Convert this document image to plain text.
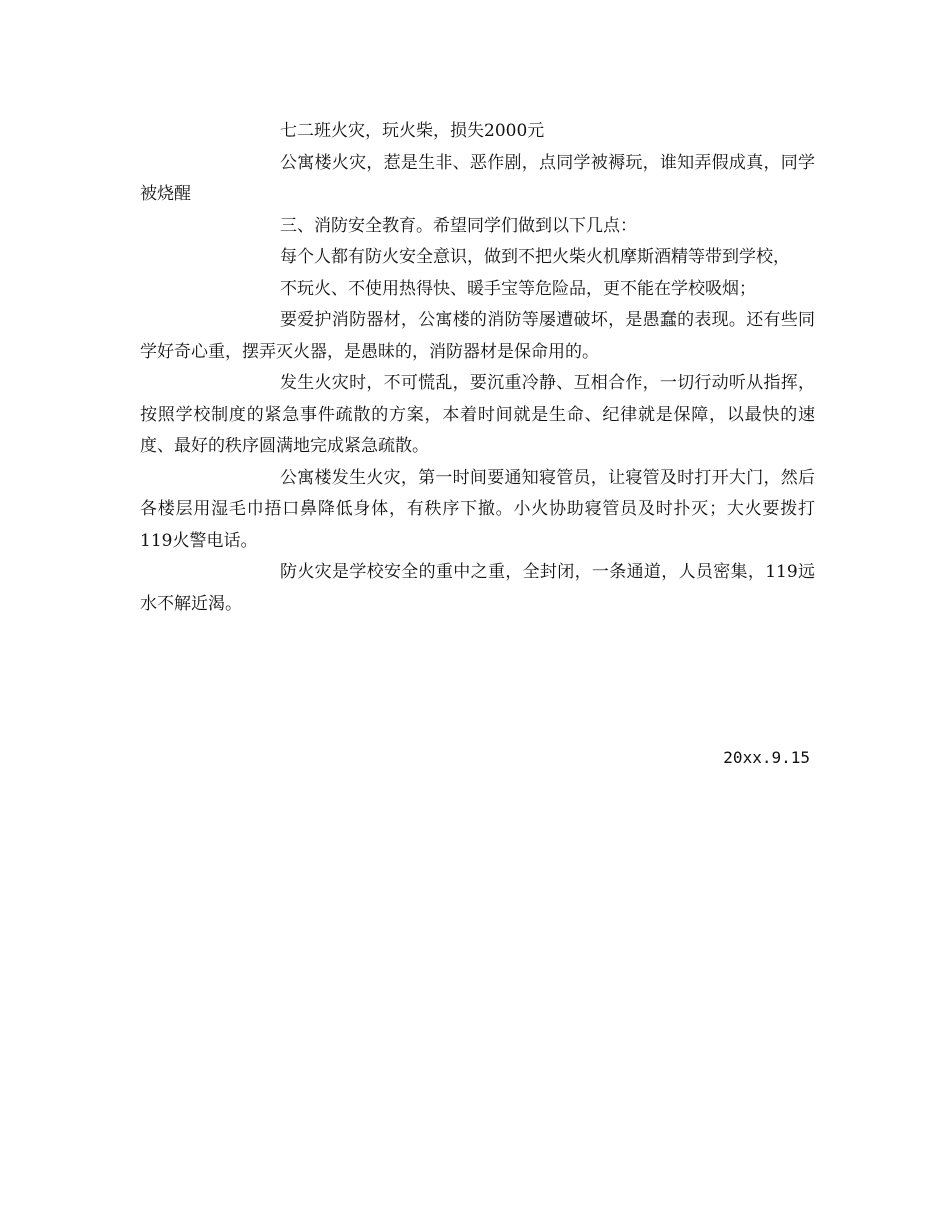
七二班火灾，玩火柴，损失2000元

公寓楼火灾，惹是生非、恶作剧，点同学被褥玩，谁知弄假成真，同学被烧醒

三、消防安全教育。希望同学们做到以下几点：

每个人都有防火安全意识，做到不把火柴火机摩斯酒精等带到学校，

不玩火、不使用热得快、暖手宝等危险品，更不能在学校吸烟；

要爱护消防器材，公寓楼的消防等屡遭破坏，是愚蠢的表现。还有些同学好奇心重，摆弄灭火器，是愚昧的，消防器材是保命用的。

发生火灾时，不可慌乱，要沉重冷静、互相合作，一切行动听从指挥，按照学校制度的紧急事件疏散的方案，本着时间就是生命、纪律就是保障，以最快的速度、最好的秩序圆满地完成紧急疏散。

公寓楼发生火灾，第一时间要通知寝管员，让寝管及时打开大门，然后各楼层用湿毛巾捂口鼻降低身体，有秩序下撤。小火协助寝管员及时扑灭；大火要拨打119火警电话。

防火灾是学校安全的重中之重，全封闭，一条通道，人员密集，119远水不解近渴。

20xx.9.15
